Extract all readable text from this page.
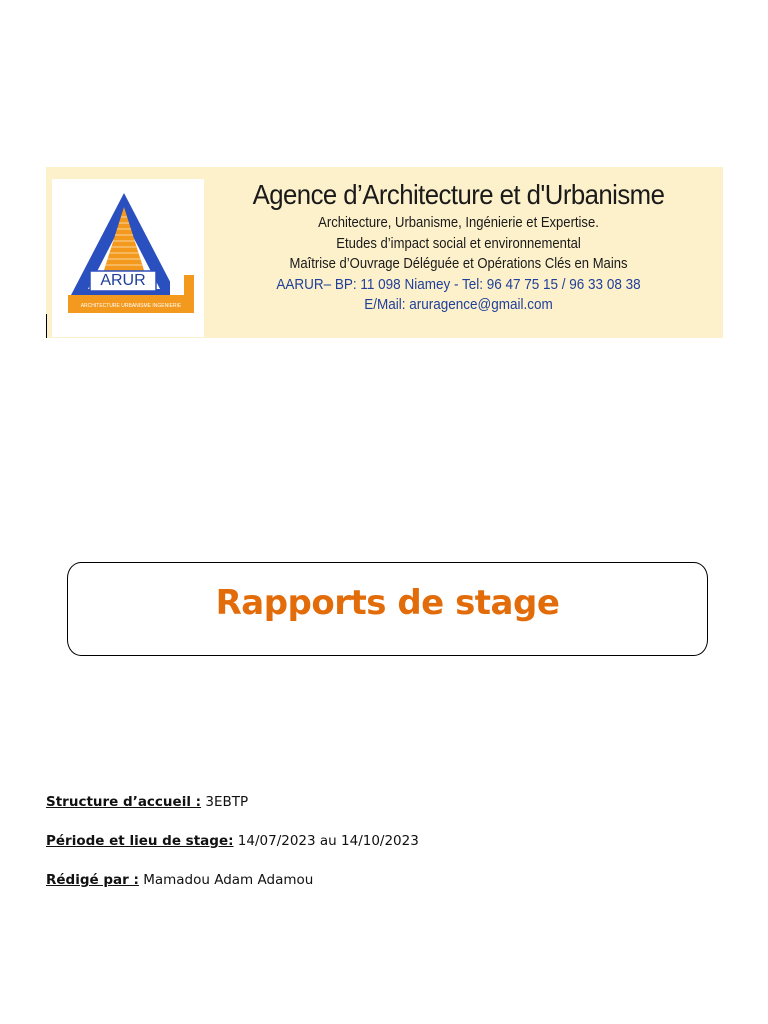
ARUR
ARCHITECTURE URBANISME INGENIERIE
Agence d’Architecture et d'Urbanisme
Architecture, Urbanisme, Ingénierie et Expertise.
Etudes d’impact social et environnemental
Maîtrise d’Ouvrage Déléguée et Opérations Clés en Mains
AARUR– BP: 11 098 Niamey - Tel: 96 47 75 15 / 96 33 08 38
E/Mail: aruragence@gmail.com
Rapports de stage
Structure d’accueil : 3EBTP
Période et lieu de stage: 14/07/2023 au 14/10/2023
Rédigé par : Mamadou Adam Adamou
